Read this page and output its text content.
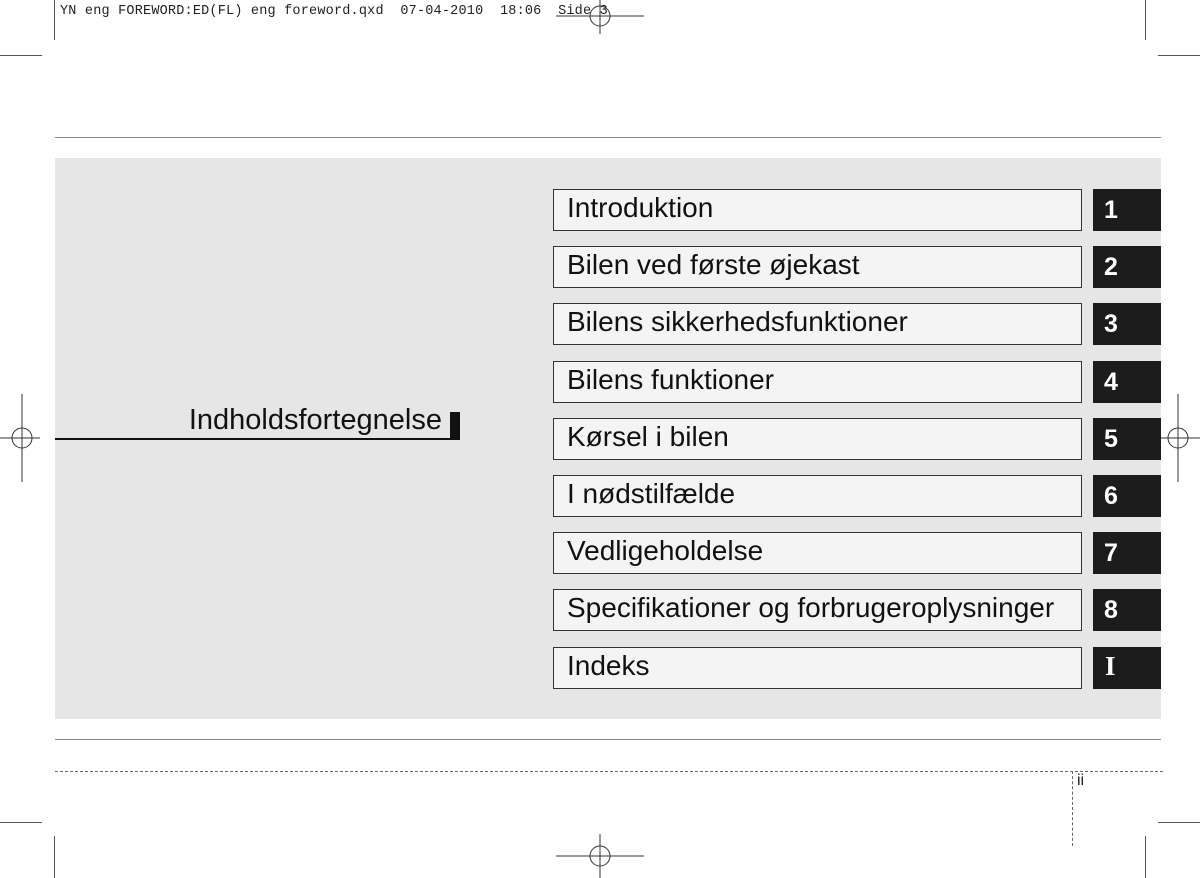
YN eng FOREWORD:ED(FL) eng foreword.qxd  07-04-2010  18:06  Side 3
Indholdsfortegnelse
Introduktion	1
Bilen ved første øjekast	2
Bilens sikkerhedsfunktioner	3
Bilens funktioner	4
Kørsel i bilen	5
I nødstilfælde	6
Vedligeholdelse	7
Specifikationer og forbrugeroplysninger 8
Indeks	I
ii
